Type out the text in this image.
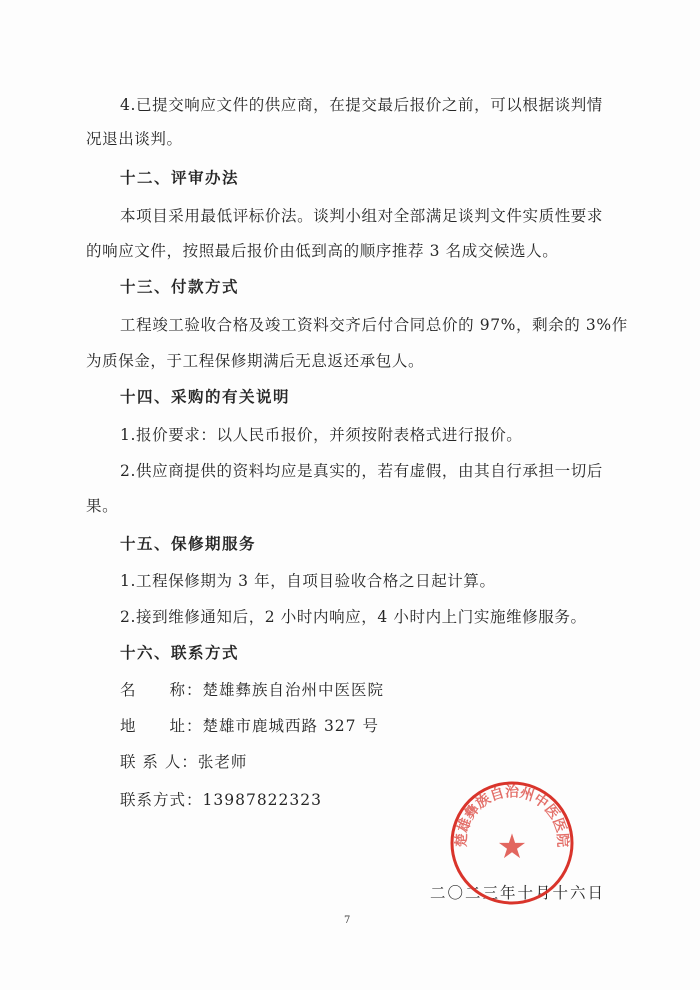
4.已提交响应文件的供应商，在提交最后报价之前，可以根据谈判情
况退出谈判。
十二、评审办法
本项目采用最低评标价法。谈判小组对全部满足谈判文件实质性要求
的响应文件，按照最后报价由低到高的顺序推荐 3 名成交候选人。
十三、付款方式
工程竣工验收合格及竣工资料交齐后付合同总价的 97%，剩余的 3%作
为质保金，于工程保修期满后无息返还承包人。
十四、采购的有关说明
1.报价要求：以人民币报价，并须按附表格式进行报价。
2.供应商提供的资料均应是真实的，若有虚假，由其自行承担一切后
果。
十五、保修期服务
1.工程保修期为 3 年，自项目验收合格之日起计算。
2.接到维修通知后，2 小时内响应，4 小时内上门实施维修服务。
十六、联系方式
名　　称：楚雄彝族自治州中医医院
地　　址：楚雄市鹿城西路 327 号
联 系 人：张老师
联系方式：13987822323
二〇二三年十月十六日
楚雄彝族自治州中医医院
★
7
